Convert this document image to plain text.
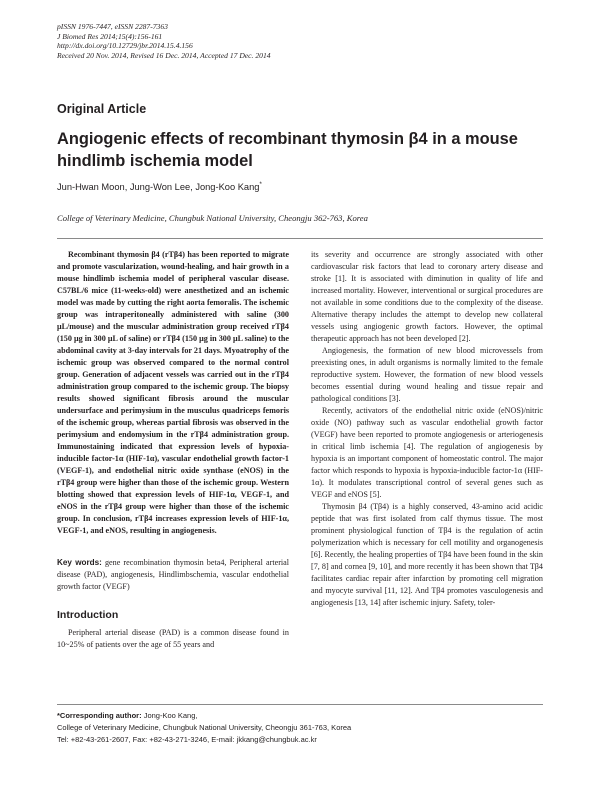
pISSN 1976-7447, eISSN 2287-7363
J Biomed Res 2014;15(4):156-161
http://dx.doi.org/10.12729/jbr.2014.15.4.156
Received 20 Nov. 2014, Revised 16 Dec. 2014, Accepted 17 Dec. 2014
Original Article
Angiogenic effects of recombinant thymosin β4 in a mouse hindlimb ischemia model
Jun-Hwan Moon, Jung-Won Lee, Jong-Koo Kang*
College of Veterinary Medicine, Chungbuk National University, Cheongju 362-763, Korea

Recombinant thymosin β4 (rTβ4) has been reported to migrate and promote vascularization, wound-healing, and hair growth in a mouse hindlimb ischemia model of peripheral vascular disease. C57BL/6 mice (11-weeks-old) were anesthetized and an ischemic model was made by cutting the right aorta femoralis. The ischemic group was intraperitoneally administered with saline (300 μL/mouse) and the muscular administration group received rTβ4 (150 μg in 300 μL of saline) or rTβ4 (150 μg in 300 μL saline) to the abdominal cavity at 3-day intervals for 21 days. Myoatrophy of the ischemic group was observed compared to the normal control group. Generation of adjacent vessels was carried out in the rTβ4 administration group compared to the ischemic group. The biopsy results showed significant fibrosis around the muscular undersurface and perimysium in the musculus quadriceps femoris of the ischemic group, whereas partial fibrosis was observed in the perimysium and endomysium in the rTβ4 administration group. Immunostaining indicated that expression levels of hypoxia-inducible factor-1α (HIF-1α), vascular endothelial growth factor-1 (VEGF-1), and endothelial nitric oxide synthase (eNOS) in the rTβ4 group were higher than those of the ischemic group. Western blotting showed that expression levels of HIF-1α, VEGF-1, and eNOS in the rTβ4 group were higher than those of the ischemic group. In conclusion, rTβ4 increases expression levels of HIF-1α, VEGF-1, and eNOS, resulting in angiogenesis.

Key words: gene recombination thymosin beta4, Peripheral arterial disease (PAD), angiogenesis, Hindlimbschemia, vascular endothelial growth factor (VEGF)

Introduction

Peripheral arterial disease (PAD) is a common disease found in 10~25% of patients over the age of 55 years and

its severity and occurrence are strongly associated with other cardiovascular risk factors that lead to coronary artery disease and stroke [1]. It is associated with diminution in quality of life and increased mortality. However, interventional or surgical procedures are not available in some conditions due to the complexity of the disease. Alternative therapy includes the attempt to develop new collateral vessels using angiogenic growth factors. However, the optimal therapeutic approach has not been developed [2].

Angiogenesis, the formation of new blood microvessels from preexisting ones, in adult organisms is normally limited to the female reproductive system. However, the formation of new blood vessels becomes essential during wound healing and tissue repair and pathological conditions [3].

Recently, activators of the endothelial nitric oxide (eNOS)/nitric oxide (NO) pathway such as vascular endothelial growth factor (VEGF) have been reported to promote angiogenesis or arteriogenesis in critical limb ischemia [4]. The regulation of angiogenesis by hypoxia is an important component of homeostatic control. The major factor which responds to hypoxia is hypoxia-inducible factor-1α (HIF-1α). It modulates transcriptional control of several genes such as VEGF and eNOS [5].

Thymosin β4 (Tβ4) is a highly conserved, 43-amino acid acidic peptide that was first isolated from calf thymus tissue. The most prominent physiological function of Tβ4 is the regulation of actin polymerization which is necessary for cell motility and organogenesis [6]. Recently, the healing properties of Tβ4 have been found in the skin [7, 8] and cornea [9, 10], and more recently it has been shown that Tβ4 facilitates cardiac repair after infarction by promoting cell migration and myocyte survival [11, 12]. And Tβ4 promotes vasculogenesis and angiogenesis [13, 14] after ischemic injury. Safety, toler-

*Corresponding author: Jong-Koo Kang,
College of Veterinary Medicine, Chungbuk National University, Cheongju 361-763, Korea
Tel: +82-43-261-2607, Fax: +82-43-271-3246, E-mail: jkkang@chungbuk.ac.kr
